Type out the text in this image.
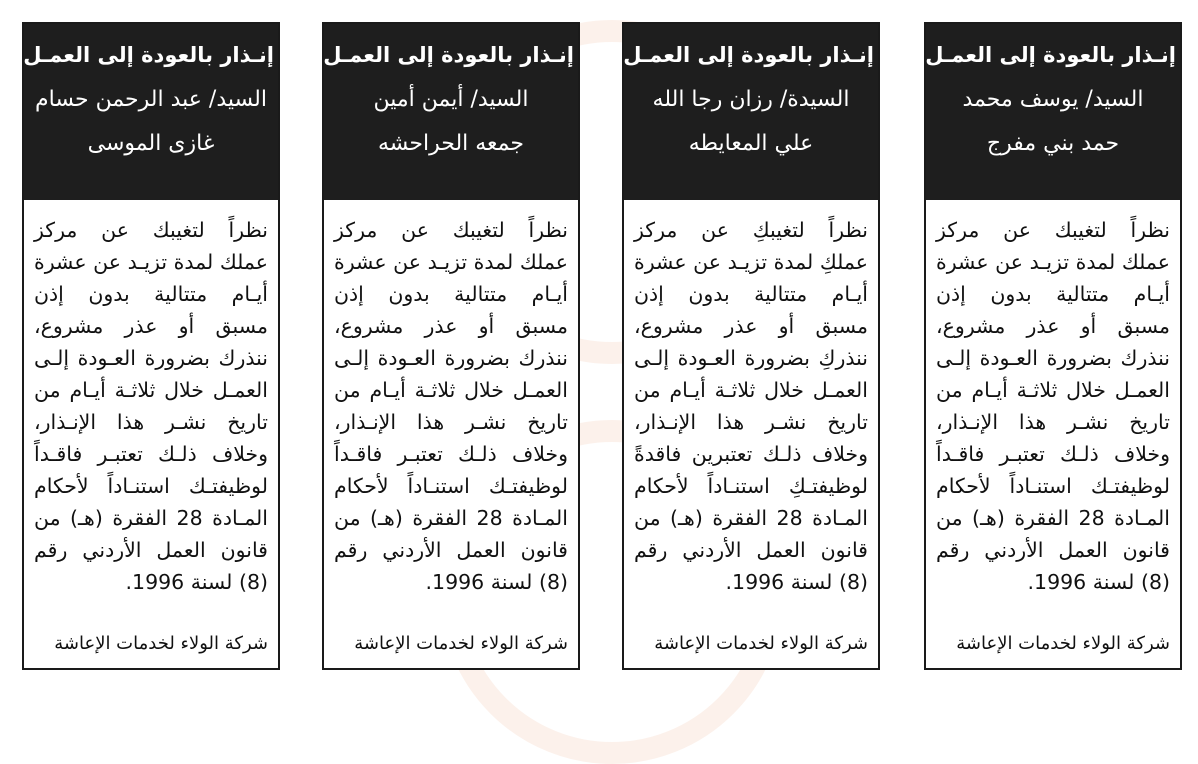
إنـذار بالعودة إلى العمـل
السيد/ عبد الرحمن حسام
غازى الموسى
نظراً لتغيبك عن مركز عملك لمدة تزيـد عن عشرة أيـام متتالية بدون إذن مسبق أو عذر مشروع، ننذرك بضرورة العـودة إلـى العمـل خلال ثلاثـة أيـام من تاريخ نشـر هذا الإنـذار، وخلاف ذلـك تعتبـر فاقـداً لوظيفتـك استنـاداً لأحكام المـادة 28 الفقرة (هـ) من قانون العمل الأردني رقم (8) لسنة 1996.
شركة الولاء لخدمات الإعاشة
إنـذار بالعودة إلى العمـل
السيد/ أيمن أمين
جمعه الحراحشه
نظراً لتغيبك عن مركز عملك لمدة تزيـد عن عشرة أيـام متتالية بدون إذن مسبق أو عذر مشروع، ننذرك بضرورة العـودة إلـى العمـل خلال ثلاثـة أيـام من تاريخ نشـر هذا الإنـذار، وخلاف ذلـك تعتبـر فاقـداً لوظيفتـك استنـاداً لأحكام المـادة 28 الفقرة (هـ) من قانون العمل الأردني رقم (8) لسنة 1996.
شركة الولاء لخدمات الإعاشة
إنـذار بالعودة إلى العمـل
السيدة/ رزان رجا الله
علي المعايطه
نظراً لتغيبكِ عن مركز عملكِ لمدة تزيـد عن عشرة أيـام متتالية بدون إذن مسبق أو عذر مشروع، ننذركِ بضرورة العـودة إلـى العمـل خلال ثلاثـة أيـام من تاريخ نشـر هذا الإنـذار، وخلاف ذلـك تعتبرين فاقدةً لوظيفتـكِ استنـاداً لأحكام المـادة 28 الفقرة (هـ) من قانون العمل الأردني رقم (8) لسنة 1996.
شركة الولاء لخدمات الإعاشة
إنـذار بالعودة إلى العمـل
السيد/ يوسف محمد
حمد بني مفرج
نظراً لتغيبك عن مركز عملك لمدة تزيـد عن عشرة أيـام متتالية بدون إذن مسبق أو عذر مشروع، ننذرك بضرورة العـودة إلـى العمـل خلال ثلاثـة أيـام من تاريخ نشـر هذا الإنـذار، وخلاف ذلـك تعتبـر فاقـداً لوظيفتـك استنـاداً لأحكام المـادة 28 الفقرة (هـ) من قانون العمل الأردني رقم (8) لسنة 1996.
شركة الولاء لخدمات الإعاشة
